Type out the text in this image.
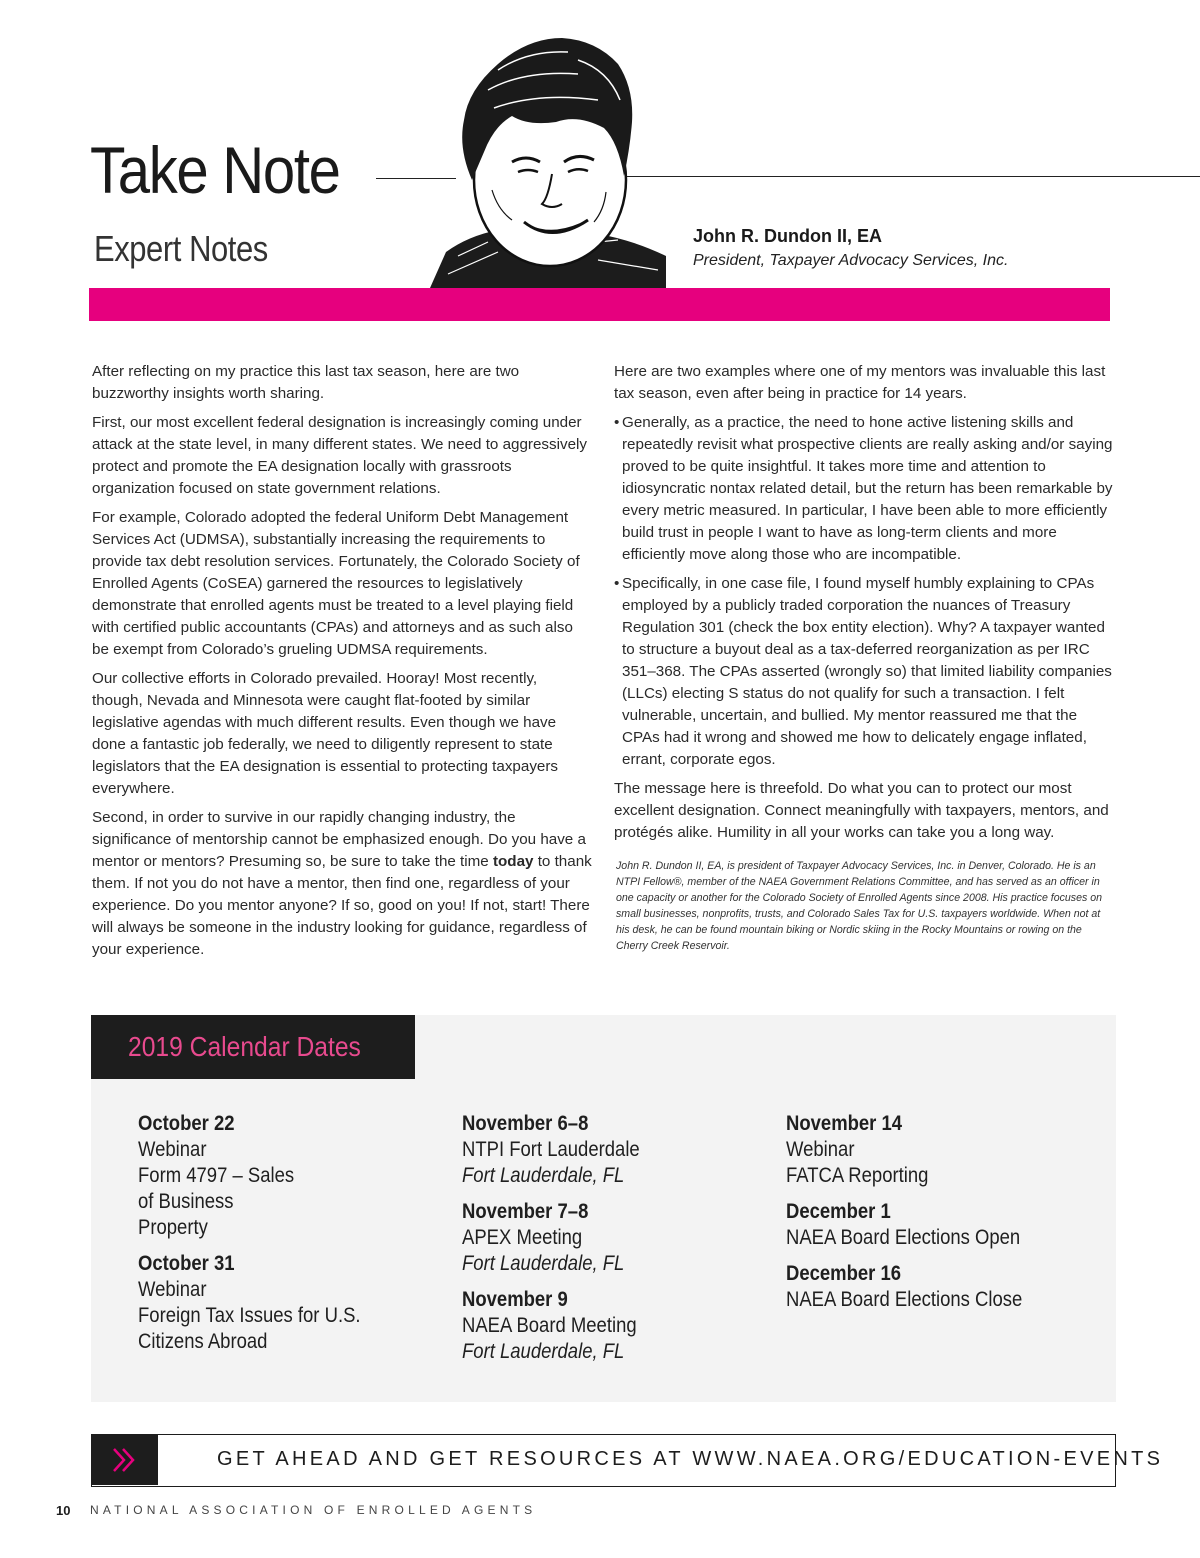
Take Note
Expert Notes	John R. Dundon II, EA
President, Taxpayer Advocacy Services, Inc.

After reflecting on my practice this last tax season, here are two buzzworthy insights worth sharing.

First, our most excellent federal designation is increasingly coming under attack at the state level, in many different states. We need to aggressively protect and promote the EA designation locally with grassroots organization focused on state government relations.

For example, Colorado adopted the federal Uniform Debt Management Services Act (UDMSA), substantially increasing the requirements to provide tax debt resolution services. Fortunately, the Colorado Society of Enrolled Agents (CoSEA) garnered the resources to legislatively demonstrate that enrolled agents must be treated to a level playing field with certified public accountants (CPAs) and attorneys and as such also be exempt from Colorado’s grueling UDMSA requirements.

Our collective efforts in Colorado prevailed. Hooray! Most recently, though, Nevada and Minnesota were caught flat-footed by similar legislative agendas with much different results. Even though we have done a fantastic job federally, we need to diligently represent to state legislators that the EA designation is essential to protecting taxpayers everywhere.

Second, in order to survive in our rapidly changing industry, the significance of mentorship cannot be emphasized enough. Do you have a mentor or mentors? Presuming so, be sure to take the time today to thank them. If not you do not have a mentor, then find one, regardless of your experience. Do you mentor anyone? If so, good on you! If not, start! There will always be someone in the industry looking for guidance, regardless of your experience.

Here are two examples where one of my mentors was invaluable this last tax season, even after being in practice for 14 years.

• Generally, as a practice, the need to hone active listening skills and repeatedly revisit what prospective clients are really asking and/or saying proved to be quite insightful. It takes more time and attention to idiosyncratic nontax related detail, but the return has been remarkable by every metric measured. In particular, I have been able to more efficiently build trust in people I want to have as long-term clients and more efficiently move along those who are incompatible.
• Specifically, in one case file, I found myself humbly explaining to CPAs employed by a publicly traded corporation the nuances of Treasury Regulation 301 (check the box entity election). Why? A taxpayer wanted to structure a buyout deal as a tax-deferred reorganization as per IRC 351–368. The CPAs asserted (wrongly so) that limited liability companies (LLCs) electing S status do not qualify for such a transaction. I felt vulnerable, uncertain, and bullied. My mentor reassured me that the CPAs had it wrong and showed me how to delicately engage inflated, errant, corporate egos.

The message here is threefold. Do what you can to protect our most excellent designation. Connect meaningfully with taxpayers, mentors, and protégés alike. Humility in all your works can take you a long way.

John R. Dundon II, EA, is president of Taxpayer Advocacy Services, Inc. in Denver, Colorado. He is an NTPI Fellow®, member of the NAEA Government Relations Committee, and has served as an officer in one capacity or another for the Colorado Society of Enrolled Agents since 2008. His practice focuses on small businesses, nonprofits, trusts, and Colorado Sales Tax for U.S. taxpayers worldwide. When not at his desk, he can be found mountain biking or Nordic skiing in the Rocky Mountains or rowing on the Cherry Creek Reservoir.
2019 Calendar Dates
October 22
Webinar
Form 4797 – Sales of Business Property
October 31
Webinar
Foreign Tax Issues for U.S. Citizens Abroad
November 6–8
NTPI Fort Lauderdale
Fort Lauderdale, FL
November 7–8
APEX Meeting
Fort Lauderdale, FL
November 9
NAEA Board Meeting
Fort Lauderdale, FL
November 14
Webinar
FATCA Reporting
December 1
NAEA Board Elections Open
December 16
NAEA Board Elections Close
GET AHEAD AND GET RESOURCES AT WWW.NAEA.ORG/EDUCATION-EVENTS
10 NATIONAL ASSOCIATION OF ENROLLED AGENTS
